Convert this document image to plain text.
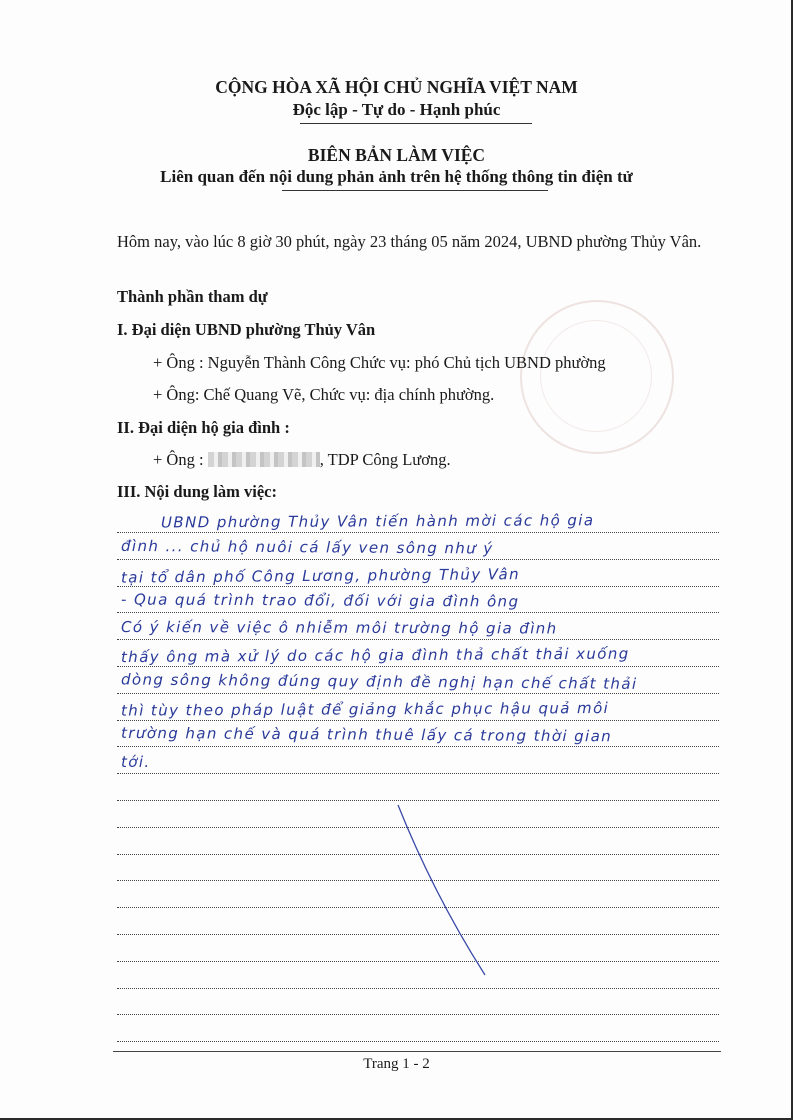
CỘNG HÒA XÃ HỘI CHỦ NGHĨA VIỆT NAM
Độc lập - Tự do - Hạnh phúc
BIÊN BẢN LÀM VIỆC
Liên quan đến nội dung phản ảnh trên hệ thống thông tin điện tử
Hôm nay, vào lúc 8 giờ 30 phút, ngày 23 tháng 05 năm 2024, UBND phường Thủy Vân.
Thành phần tham dự
I. Đại diện UBND phường Thủy Vân
+ Ông : Nguyễn Thành Công Chức vụ: phó Chủ tịch UBND phường
+ Ông: Chế Quang Vẽ, Chức vụ: địa chính phường.
II. Đại diện hộ gia đình :
+ Ông :	, TDP Công Lương.
III. Nội dung làm việc:
UBND phường Thủy Vân tiến hành mời các hộ gia
đình ... chủ hộ nuôi cá lấy ven sông như ý
tại tổ dân phố Công Lương, phường Thủy Vân
- Qua quá trình trao đổi, đối với gia đình ông
Có ý kiến về việc ô nhiễm môi trường hộ gia đình
thấy ông mà xử lý do các hộ gia đình thả chất thải xuống
dòng sông không đúng quy định đề nghị hạn chế chất thải
thì tùy theo pháp luật để giảng khắc phục hậu quả môi
trường hạn chế và quá trình thuê lấy cá trong thời gian
tới.
Trang 1 - 2
